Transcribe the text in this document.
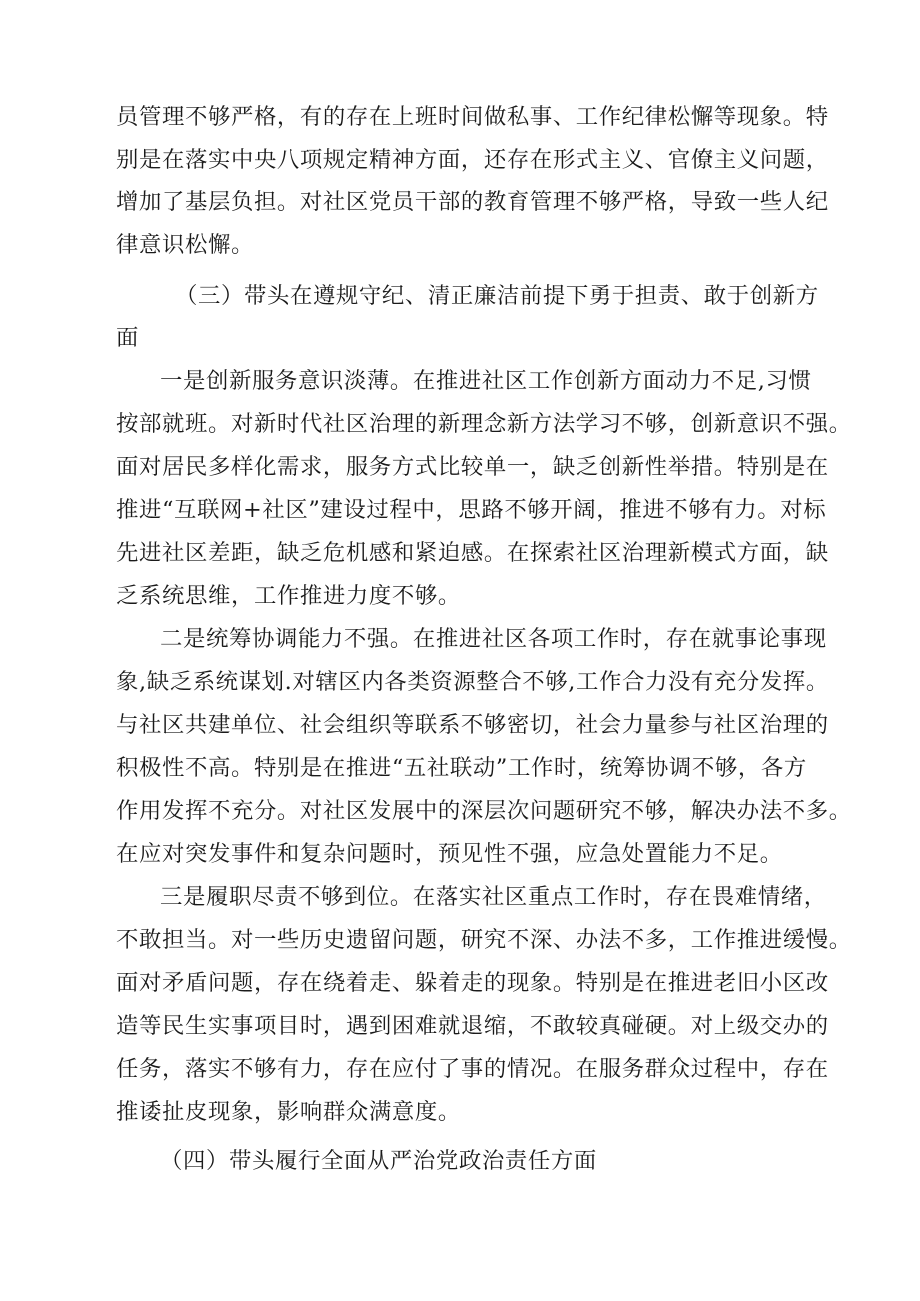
员管理不够严格，有的存在上班时间做私事、工作纪律松懈等现象。特
别是在落实中央八项规定精神方面，还存在形式主义、官僚主义问题，
增加了基层负担。对社区党员干部的教育管理不够严格，导致一些人纪
律意识松懈。
（三）带头在遵规守纪、清正廉洁前提下勇于担责、敢于创新方
面
一是创新服务意识淡薄。在推进社区工作创新方面动力不足,习惯
按部就班。对新时代社区治理的新理念新方法学习不够，创新意识不强。
面对居民多样化需求，服务方式比较单一，缺乏创新性举措。特别是在
推进“互联网+社区”建设过程中，思路不够开阔，推进不够有力。对标
先进社区差距，缺乏危机感和紧迫感。在探索社区治理新模式方面，缺
乏系统思维，工作推进力度不够。
二是统筹协调能力不强。在推进社区各项工作时，存在就事论事现
象,缺乏系统谋划.对辖区内各类资源整合不够,工作合力没有充分发挥。
与社区共建单位、社会组织等联系不够密切，社会力量参与社区治理的
积极性不高。特别是在推进“五社联动”工作时，统筹协调不够，各方
作用发挥不充分。对社区发展中的深层次问题研究不够，解决办法不多。
在应对突发事件和复杂问题时，预见性不强，应急处置能力不足。
三是履职尽责不够到位。在落实社区重点工作时，存在畏难情绪，
不敢担当。对一些历史遗留问题，研究不深、办法不多，工作推进缓慢。
面对矛盾问题，存在绕着走、躲着走的现象。特别是在推进老旧小区改
造等民生实事项目时，遇到困难就退缩，不敢较真碰硬。对上级交办的
任务，落实不够有力，存在应付了事的情况。在服务群众过程中，存在
推诿扯皮现象，影响群众满意度。
（四）带头履行全面从严治党政治责任方面
